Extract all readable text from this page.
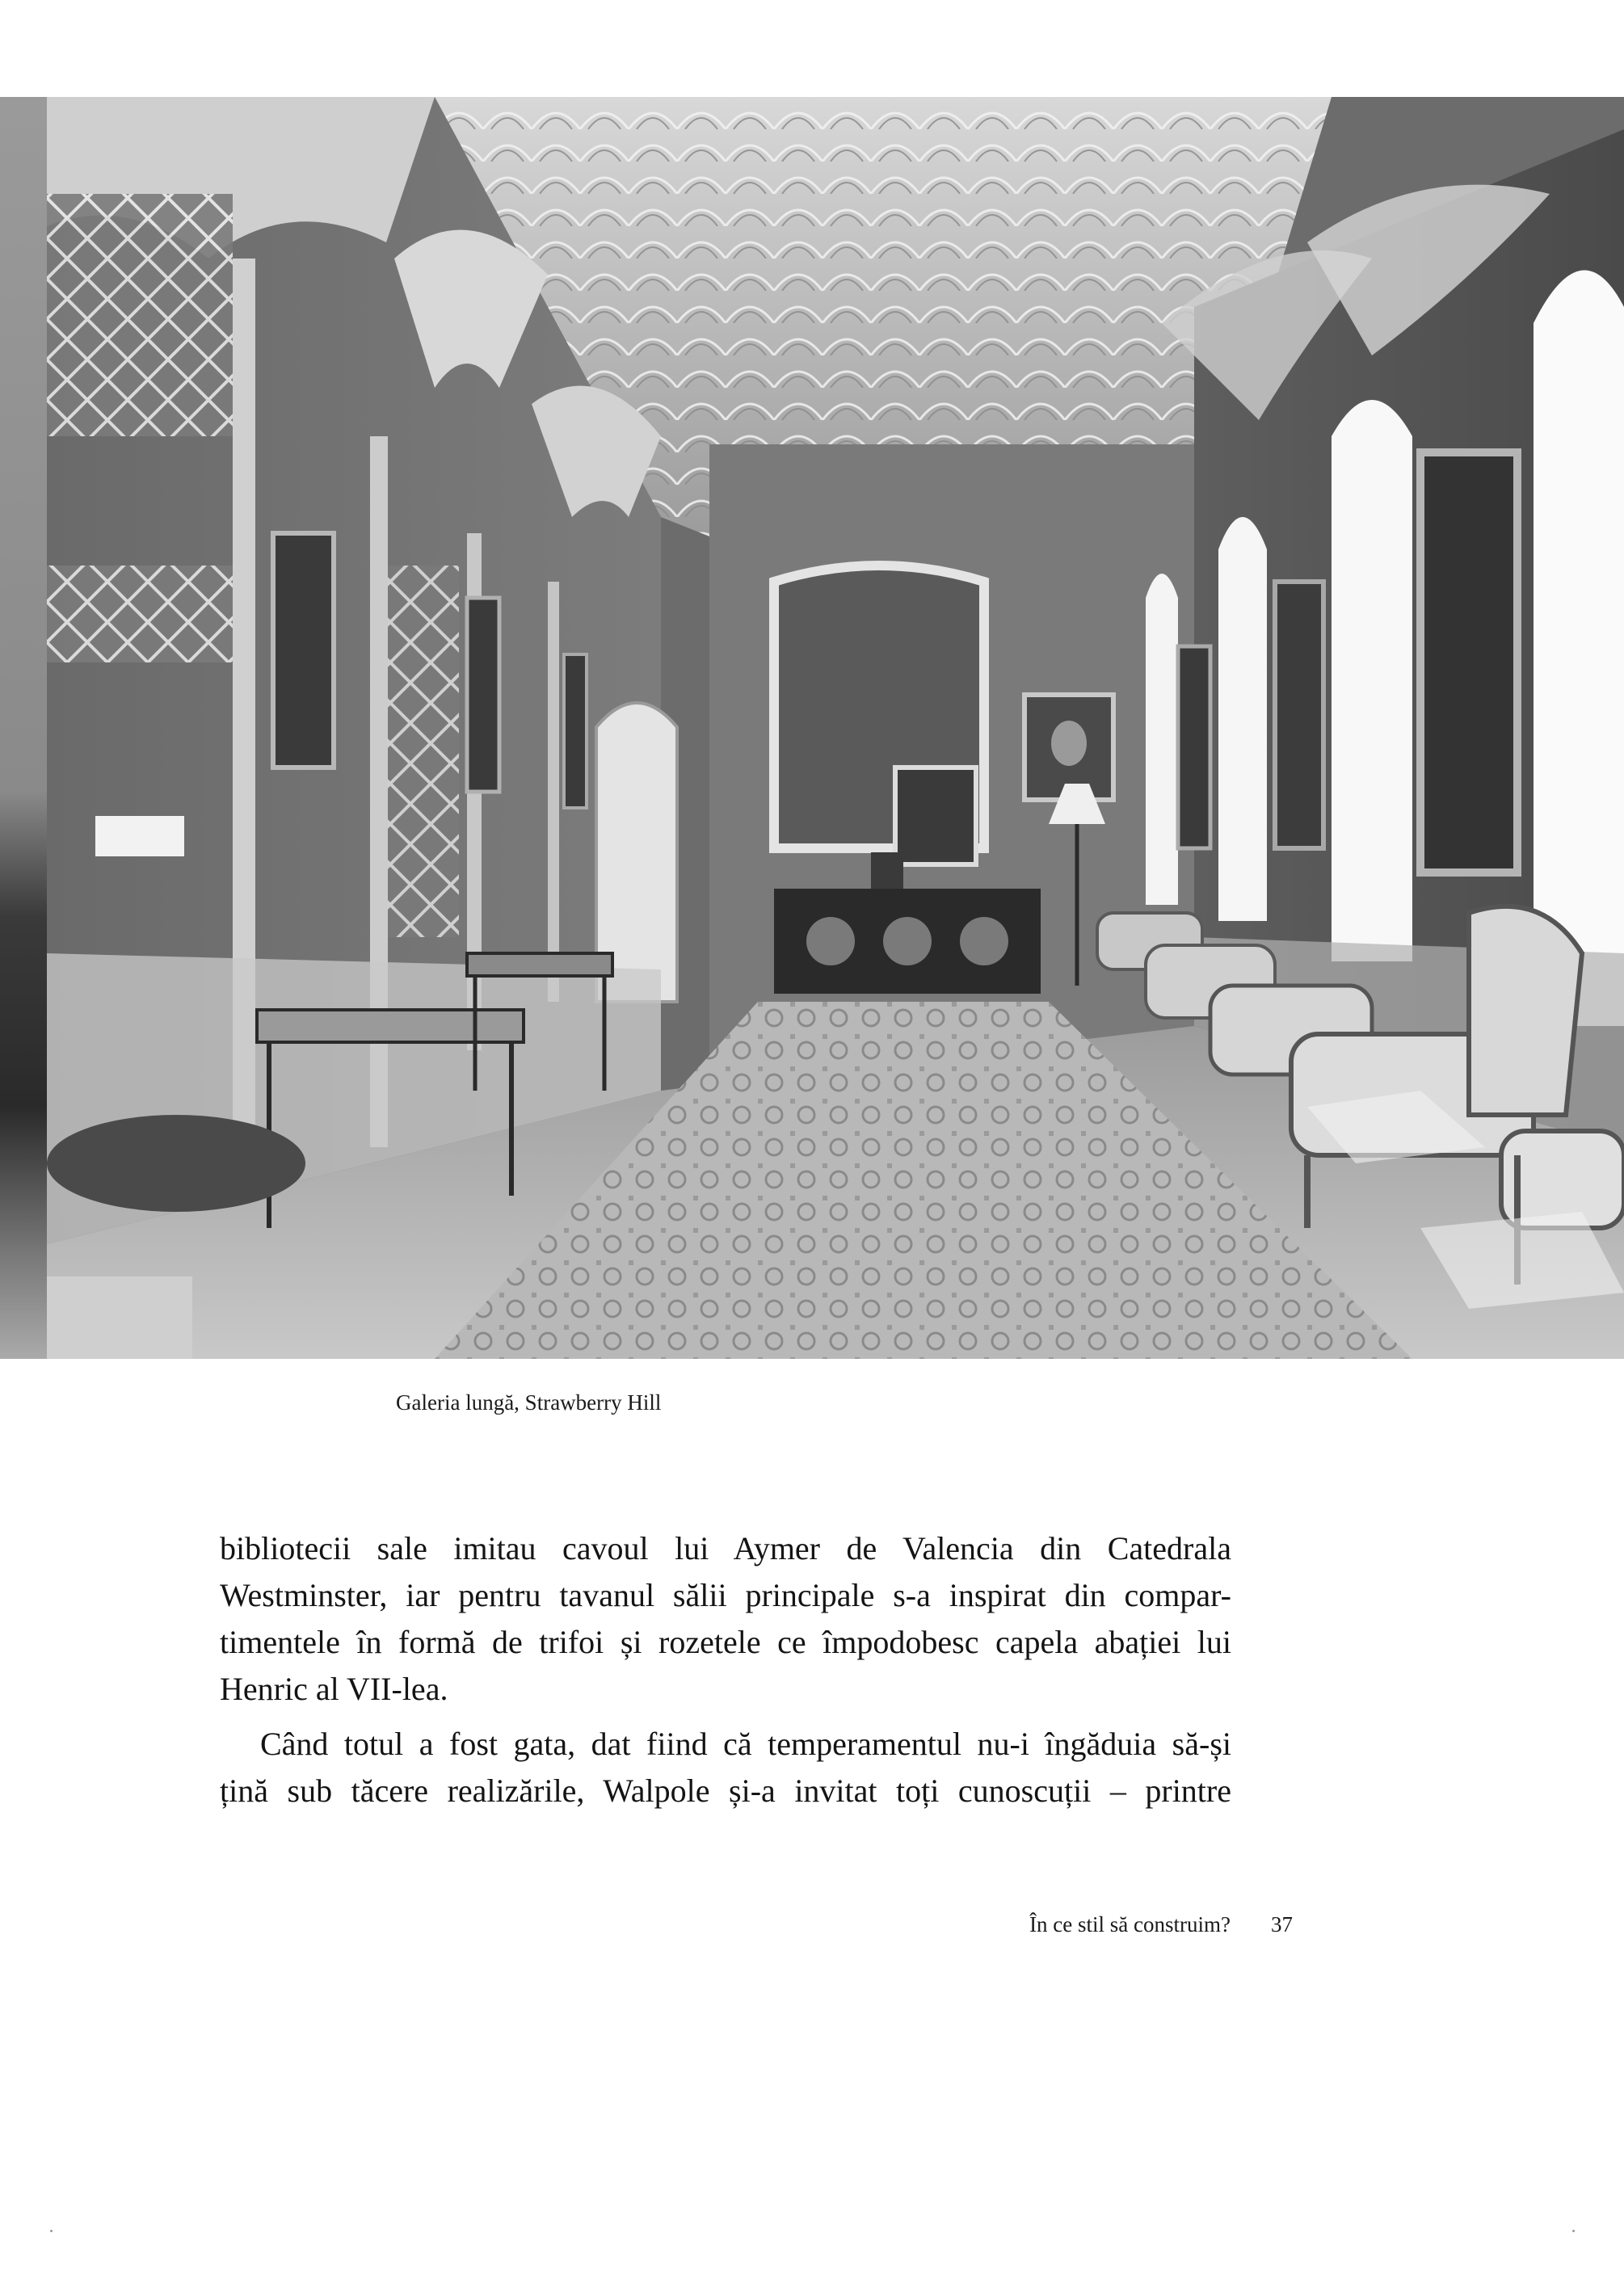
Galeria lungă, Strawberry Hill

bibliotecii sale imitau cavoul lui Aymer de Valencia din Catedrala
Westminster, iar pentru tavanul sălii principale s-a inspirat din compar-
timentele în formă de trifoi și rozetele ce împodobesc capela abației lui
Henric al VII-lea.

Când totul a fost gata, dat fiind că temperamentul nu-i îngăduia să-și
țină sub tăcere realizările, Walpole și-a invitat toți cunoscuții – printre

În ce stil să construim? 37
